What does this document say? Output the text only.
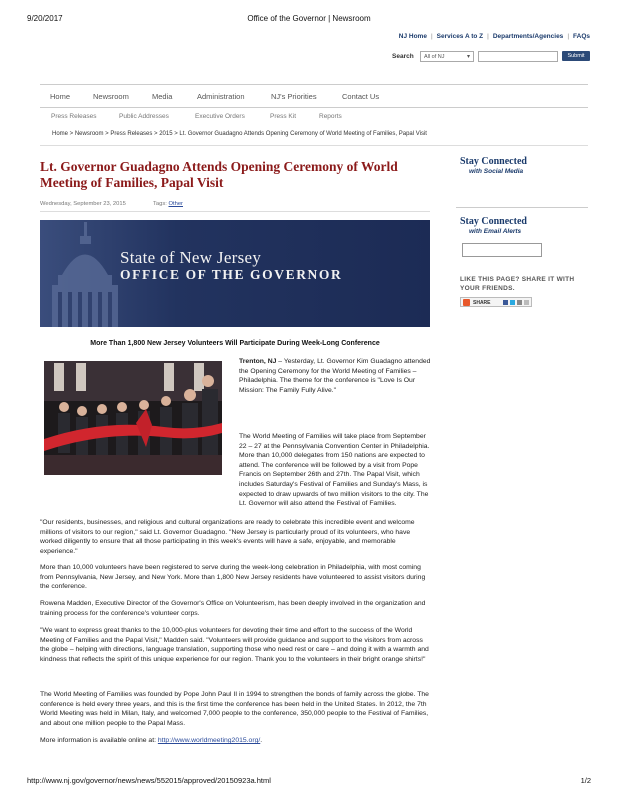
9/20/2017	Office of the Governor | Newsroom
NJ Home | Services A to Z | Departments/Agencies | FAQs
Search	All of NJ	▾	Submit
Home	Newsroom	Media	Administration	NJ's Priorities	Contact Us
Press Releases	Public Addresses	Executive Orders	Press Kit	Reports
Home > Newsroom > Press Releases > 2015 > Lt. Governor Guadagno Attends Opening Ceremony of World Meeting of Families, Papal Visit
Lt. Governor Guadagno Attends Opening Ceremony of World Meeting of Families, Papal Visit
Wednesday, September 23, 2015	Tags: Other
State of New Jersey
OFFICE OF THE GOVERNOR
More Than 1,800 New Jersey Volunteers Will Participate During Week-Long Conference
Trenton, NJ – Yesterday, Lt. Governor Kim Guadagno attended the Opening Ceremony for the World Meeting of Families – Philadelphia. The theme for the conference is "Love Is Our Mission: The Family Fully Alive."
The World Meeting of Families will take place from September 22 – 27 at the Pennsylvania Convention Center in Philadelphia. More than 10,000 delegates from 150 nations are expected to attend. The conference will be followed by a visit from Pope Francis on September 26th and 27th. The Papal Visit, which includes Saturday's Festival of Families and Sunday's Mass, is expected to draw upwards of two million visitors to the city. The Lt. Governor will also attend the Festival of Families.
"Our residents, businesses, and religious and cultural organizations are ready to celebrate this incredible event and welcome millions of visitors to our region," said Lt. Governor Guadagno. "New Jersey is particularly proud of its volunteers, who have worked diligently to ensure that all those participating in this week's events will have a safe, enjoyable, and memorable experience."
More than 10,000 volunteers have been registered to serve during the week-long celebration in Philadelphia, with most coming from Pennsylvania, New Jersey, and New York. More than 1,800 New Jersey residents have volunteered to assist visitors during the conference.
Rowena Madden, Executive Director of the Governor's Office on Volunteerism, has been deeply involved in the organization and training process for the conference's volunteer corps.
"We want to express great thanks to the 10,000-plus volunteers for devoting their time and effort to the success of the World Meeting of Families and the Papal Visit," Madden said. "Volunteers will provide guidance and support to the visitors from across the globe – helping with directions, language translation, supporting those who need rest or care – and doing it with a warmth and kindness that reflects the spirit of this unique experience for our region. Thank you to the volunteers in their bright orange shirts!"
The World Meeting of Families was founded by Pope John Paul II in 1994 to strengthen the bonds of family across the globe. The conference is held every three years, and this is the first time the conference has been held in the United States. In 2012, the 7th World Meeting was held in Milan, Italy, and welcomed 7,000 people to the conference, 350,000 people to the Festival of Families, and about one million people to the Papal Mass.
More information is available online at: http://www.worldmeeting2015.org/.
Stay Connected
with Social Media
Stay Connected
with Email Alerts
LIKE THIS PAGE? SHARE IT WITH YOUR FRIENDS.
SHARE
http://www.nj.gov/governor/news/news/552015/approved/20150923a.html	1/2
